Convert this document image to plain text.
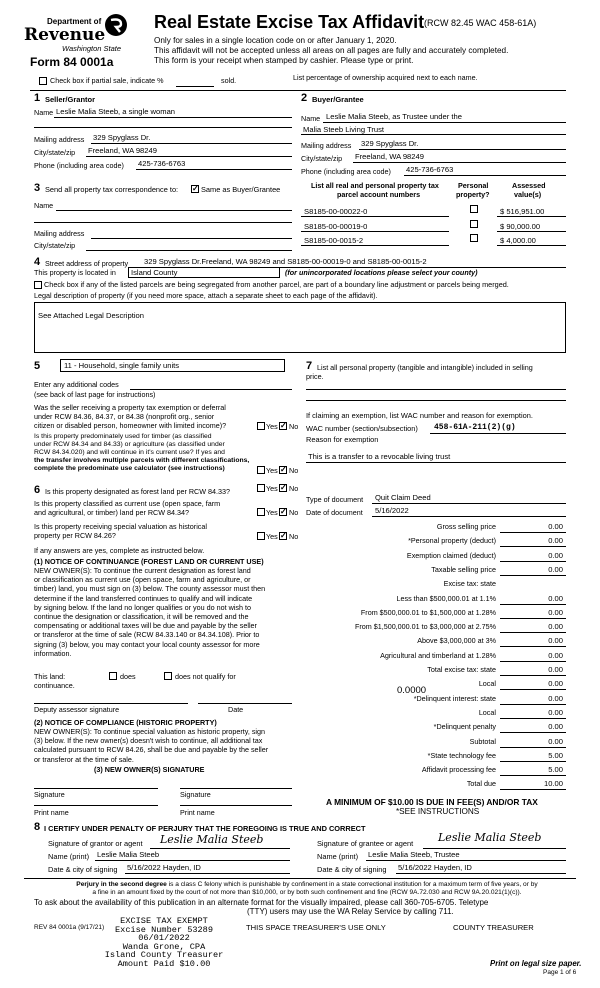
Department of
Revenue
Washington State
Form 84 0001a
Real Estate Excise Tax Affidavit (RCW 82.45 WAC 458-61A)
Only for sales in a single location code on or after January 1, 2020.
This affidavit will not be accepted unless all areas on all pages are fully and accurately completed.
This form is your receipt when stamped by cashier. Please type or print.
Check box if partial sale, indicate %	sold.	List percentage of ownership acquired next to each name.
1 Seller/Grantor
Name Leslie Malia Steeb, a single woman
Mailing address 329 Spyglass Dr.
City/state/zip Freeland, WA 98249
Phone (including area code) 425-736-6763
3 Send all property tax correspondence to: ✓	Same as Buyer/Grantee
Name
Mailing address
City/state/zip
2 Buyer/Grantee
Name Leslie Malia Steeb, as Trustee under the
Malia Steeb Living Trust
Mailing address 329 Spyglass Dr.
City/state/zip Freeland, WA 98249
Phone (including area code) 425-736-6763
List all real and personal property tax
parcel account numbers
Personal
property?
Assessed
value(s)
S8185-00-00022-0	$ 516,951.00
S8185-00-00019-0	$ 90,000.00
S8185-00-0015-2	$ 4,000.00
4 Street address of property 329 Spyglass Dr.Freeland, WA 98249 and S8185-00-00019-0 and S8185-00-0015-2
This property is located in Island County	(for unincorporated locations please select your county)
Check box if any of the listed parcels are being segregated from another parcel, are part of a boundary line adjustment or parcels being merged.
Legal description of property (if you need more space, attach a separate sheet to each page of the affidavit).
See Attached Legal Description
5	11 - Household, single family units
Enter any additional codes
(see back of last page for instructions)
Was the seller receiving a property tax exemption or deferral
under RCW 84.36, 84.37, or 84.38 (nonprofit org., senior
citizen or disabled person, homeowner with limited income)?	Yes ✓ No
Is this property predominately used for timber (as classified
under RCW 84.34 and 84.33) or agriculture (as classified under
RCW 84.34.020) and will continue in it's current use? If yes and
the transfer involves multiple parcels with different classifications,
complete the predominate use calculator (see instructions)	Yes ✓ No
6 Is this property designated as forest land per RCW 84.33?	Yes ✓ No
Is this property classified as current use (open space, farm
and agricultural, or timber) land per RCW 84.34?	Yes ✓ No
Is this property receiving special valuation as historical
property per RCW 84.26?	Yes ✓ No
If any answers are yes, complete as instructed below.
(1) NOTICE OF CONTINUANCE (FOREST LAND OR CURRENT USE)
NEW OWNER(S): To continue the current designation as forest land
or classification as current use (open space, farm and agriculture, or
timber) land, you must sign on (3) below. The county assessor must then
determine if the land transferred continues to qualify and will indicate
by signing below. If the land no longer qualifies or you do not wish to
continue the designation or classification, it will be removed and the
compensating or additional taxes will be due and payable by the seller
or transferor at the time of sale (RCW 84.33.140 or 84.34.108). Prior to
signing (3) below, you may contact your local county assessor for more
information.
This land:	does	does not qualify for
continuance.
Deputy assessor signature	Date
(2) NOTICE OF COMPLIANCE (HISTORIC PROPERTY)
NEW OWNER(S): To continue special valuation as historic property, sign
(3) below. If the new owner(s) doesn't wish to continue, all additional tax
calculated pursuant to RCW 84.26, shall be due and payable by the seller
or transferor at the time of sale.
(3) NEW OWNER(S) SIGNATURE
Signature	Signature
Print name	Print name
7 List all personal property (tangible and intangible) included in selling
price.
If claiming an exemption, list WAC number and reason for exemption.
WAC number (section/subsection) 458-61A-211(2)(g)
Reason for exemption
This is a transfer to a revocable living trust
Type of document Quit Claim Deed
Date of document 5/16/2022
Gross selling price	0.00
*Personal property (deduct)	0.00
Exemption claimed (deduct)	0.00
Taxable selling price	0.00
Excise tax: state
Less than $500,000.01 at 1.1%	0.00
From $500,000.01 to $1,500,000 at 1.28%	0.00
From $1,500,000.01 to $3,000,000 at 2.75%	0.00
Above $3,000,000 at 3%	0.00
Agricultural and timberland at 1.28%	0.00
Total excise tax: state	0.00
Local	0.00
*Delinquent interest: state	0.00
Local	0.00
*Delinquent penalty	0.00
Subtotal	0.00
*State technology fee	5.00
Affidavit processing fee	5.00
Total due	10.00
0.0000
A MINIMUM OF $10.00 IS DUE IN FEE(S) AND/OR TAX
*SEE INSTRUCTIONS
8 I CERTIFY UNDER PENALTY OF PERJURY THAT THE FOREGOING IS TRUE AND CORRECT
Signature of grantor or agent Leslie Malia Steeb
Name (print) Leslie Malia Steeb
Date & city of signing 5/16/2022 Hayden, ID
Signature of grantee or agent Leslie Malia Steeb
Name (print) Leslie Malia Steeb, Trustee
Date & city of signing 5/16/2022 Hayden, ID
Perjury in the second degree is a class C felony which is punishable by confinement in a state correctional institution for a maximum term of five years, or by
a fine in an amount fixed by the court of not more than $10,000, or by both such confinement and fine (RCW 9A.72.030 and RCW 9A.20.021(1)(c)).
To ask about the availability of this publication in an alternate format for the visually impaired, please call 360-705-6705. Teletype
(TTY) users may use the WA Relay Service by calling 711.
REV 84 0001a (9/17/21)
EXCISE TAX EXEMPT
Excise Number 53289
06/01/2022
Wanda Grone, CPA
Island County Treasurer
Amount Paid $10.00
THIS SPACE TREASURER'S USE ONLY	COUNTY TREASURER
Print on legal size paper.
Page 1 of 6
